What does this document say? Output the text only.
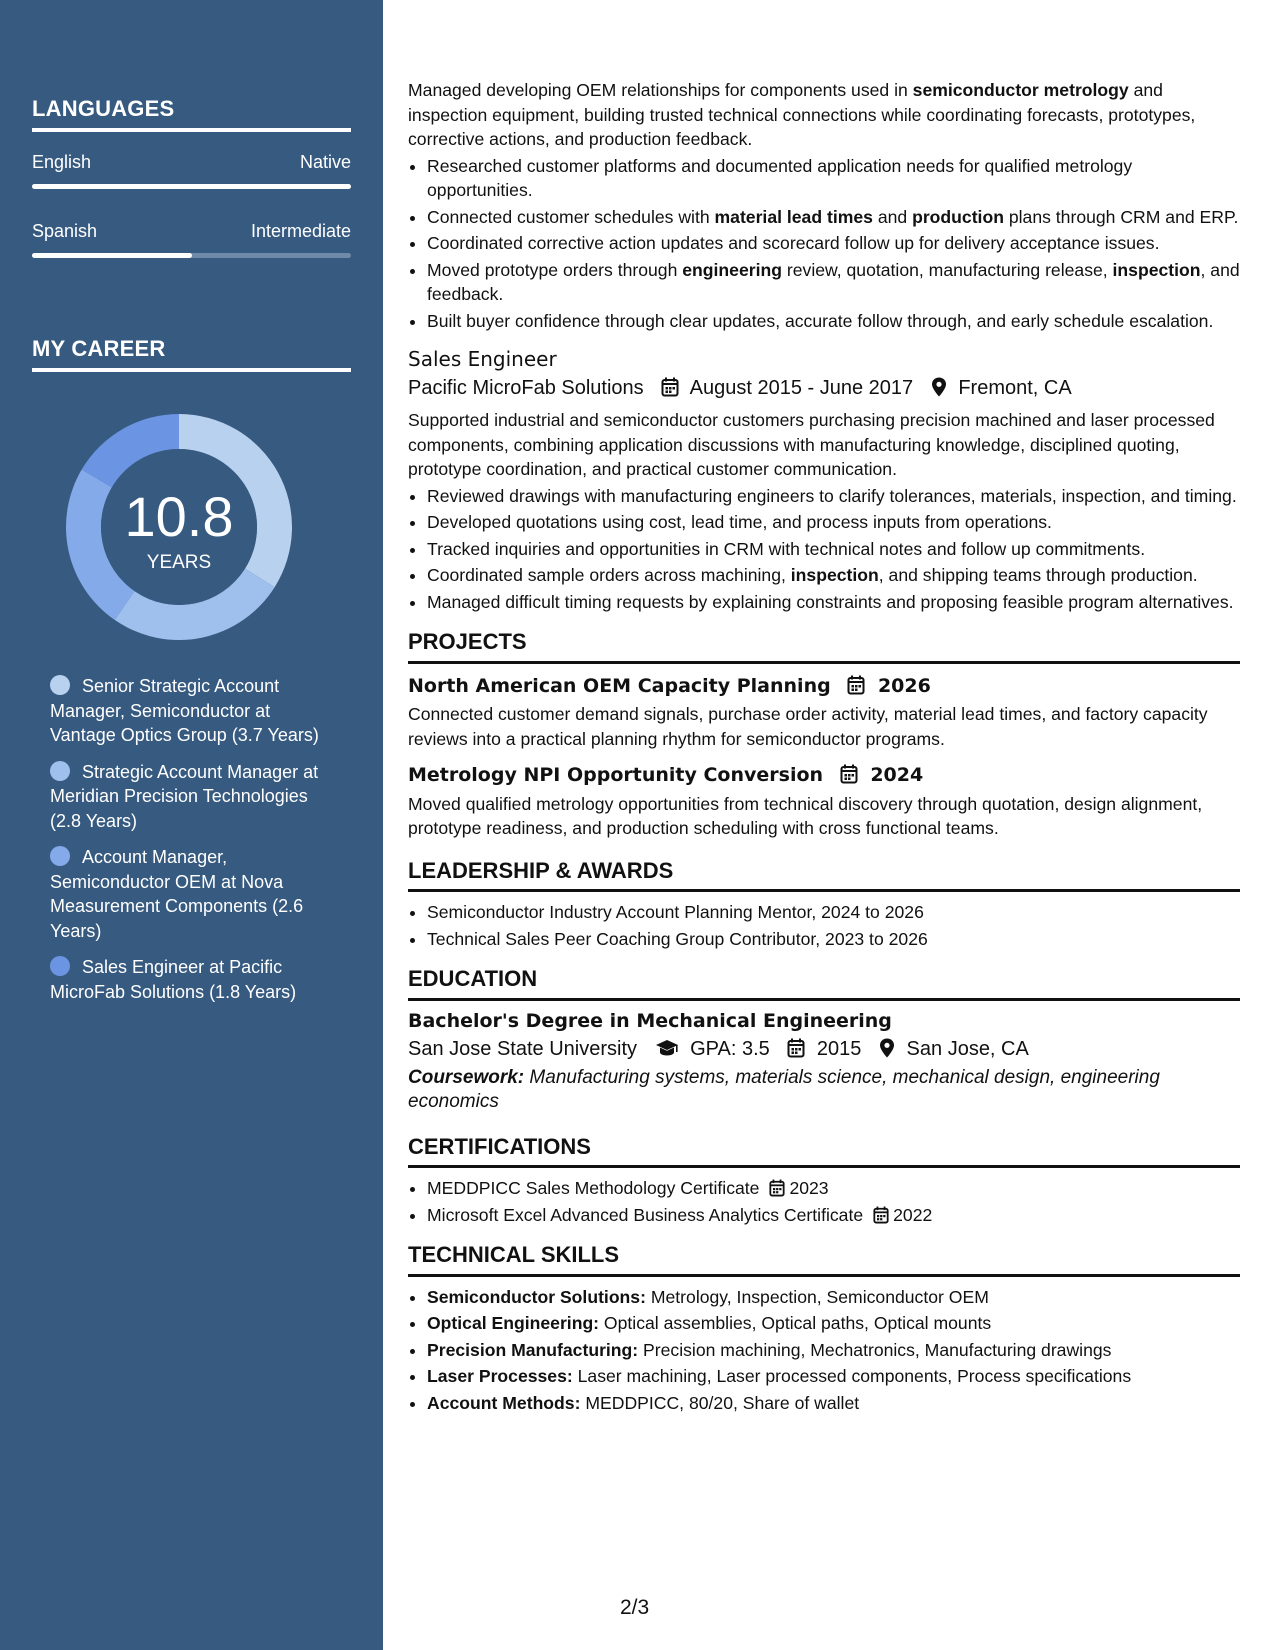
LANGUAGES
English	Native
Spanish	Intermediate
MY CAREER
10.8
YEARS
Senior Strategic Account Manager, Semiconductor at Vantage Optics Group (3.7 Years)
Strategic Account Manager at Meridian Precision Technologies (2.8 Years)
Account Manager, Semiconductor OEM at Nova Measurement Components (2.6 Years)
Sales Engineer at Pacific MicroFab Solutions (1.8 Years)

Managed developing OEM relationships for components used in semiconductor metrology and inspection equipment, building trusted technical connections while coordinating forecasts, prototypes, corrective actions, and production feedback.

• Researched customer platforms and documented application needs for qualified metrology opportunities.
• Connected customer schedules with material lead times and production plans through CRM and ERP.
• Coordinated corrective action updates and scorecard follow up for delivery acceptance issues.
• Moved prototype orders through engineering review, quotation, manufacturing release, inspection, and feedback.
• Built buyer confidence through clear updates, accurate follow through, and early schedule escalation.
Sales Engineer
Pacific MicroFab Solutions August 2015 - June 2017 Fremont, CA

Supported industrial and semiconductor customers purchasing precision machined and laser processed components, combining application discussions with manufacturing knowledge, disciplined quoting, prototype coordination, and practical customer communication.

• Reviewed drawings with manufacturing engineers to clarify tolerances, materials, inspection, and timing.
• Developed quotations using cost, lead time, and process inputs from operations.
• Tracked inquiries and opportunities in CRM with technical notes and follow up commitments.
• Coordinated sample orders across machining, inspection, and shipping teams through production.
• Managed difficult timing requests by explaining constraints and proposing feasible program alternatives.
PROJECTS
North American OEM Capacity Planning 2026

Connected customer demand signals, purchase order activity, material lead times, and factory capacity reviews into a practical planning rhythm for semiconductor programs.

Metrology NPI Opportunity Conversion 2024

Moved qualified metrology opportunities from technical discovery through quotation, design alignment, prototype readiness, and production scheduling with cross functional teams.

LEADERSHIP & AWARDS
• Semiconductor Industry Account Planning Mentor, 2024 to 2026
• Technical Sales Peer Coaching Group Contributor, 2023 to 2026
EDUCATION
Bachelor's Degree in Mechanical Engineering
San Jose State University	GPA: 3.5 2015 San Jose, CA

Coursework: Manufacturing systems, materials science, mechanical design, engineering economics

CERTIFICATIONS
• MEDDPICC Sales Methodology Certificate 2023
• Microsoft Excel Advanced Business Analytics Certificate 2022
TECHNICAL SKILLS
• Semiconductor Solutions: Metrology, Inspection, Semiconductor OEM
• Optical Engineering: Optical assemblies, Optical paths, Optical mounts
• Precision Manufacturing: Precision machining, Mechatronics, Manufacturing drawings
• Laser Processes: Laser machining, Laser processed components, Process specifications
• Account Methods: MEDDPICC, 80/20, Share of wallet
2/3
